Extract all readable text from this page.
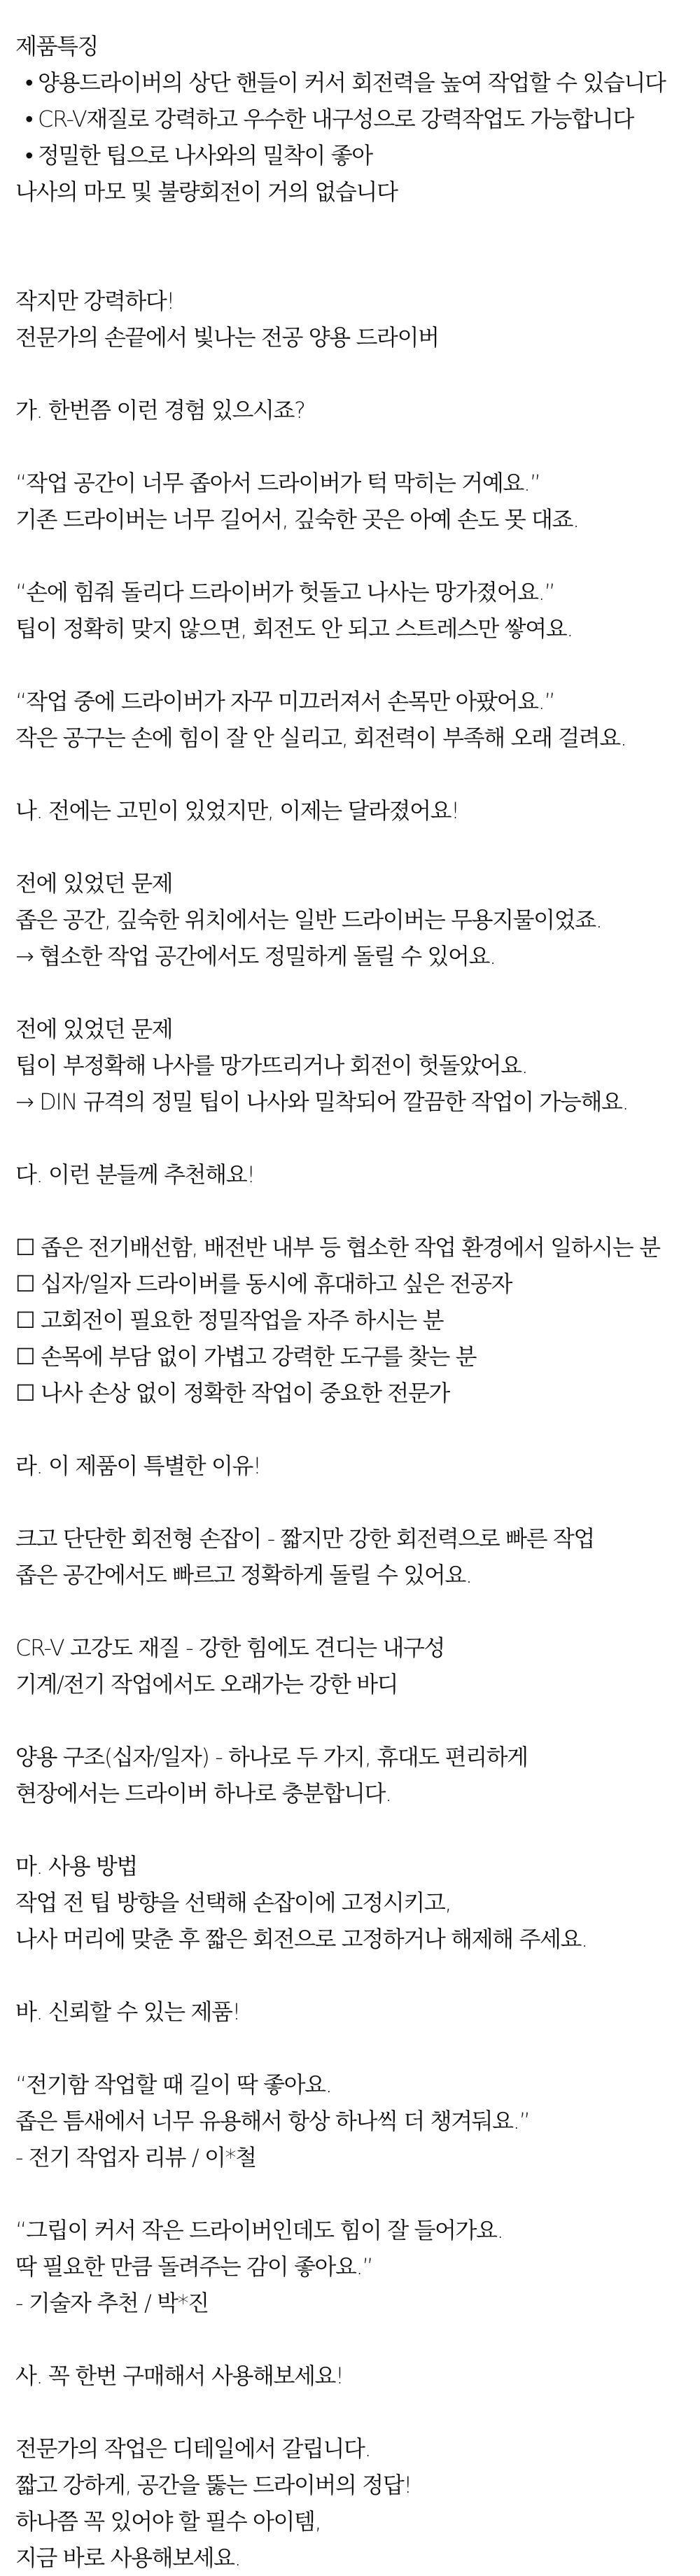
제품특징
• 양용드라이버의 상단 핸들이 커서 회전력을 높여 작업할 수 있습니다
• CR-V재질로 강력하고 우수한 내구성으로 강력작업도 가능합니다
• 정밀한 팁으로 나사와의 밀착이 좋아
나사의 마모 및 불량회전이 거의 없습니다
작지만 강력하다!
전문가의 손끝에서 빛나는 전공 양용 드라이버
가. 한번쯤 이런 경험 있으시죠?
“작업 공간이 너무 좁아서 드라이버가 턱 막히는 거예요.”
기존 드라이버는 너무 길어서, 깊숙한 곳은 아예 손도 못 대죠.
“손에 힘줘 돌리다 드라이버가 헛돌고 나사는 망가졌어요.”
팁이 정확히 맞지 않으면, 회전도 안 되고 스트레스만 쌓여요.
“작업 중에 드라이버가 자꾸 미끄러져서 손목만 아팠어요.”
작은 공구는 손에 힘이 잘 안 실리고, 회전력이 부족해 오래 걸려요.
나. 전에는 고민이 있었지만, 이제는 달라졌어요!
전에 있었던 문제
좁은 공간, 깊숙한 위치에서는 일반 드라이버는 무용지물이었죠.
→ 협소한 작업 공간에서도 정밀하게 돌릴 수 있어요.
전에 있었던 문제
팁이 부정확해 나사를 망가뜨리거나 회전이 헛돌았어요.
→ DIN 규격의 정밀 팁이 나사와 밀착되어 깔끔한 작업이 가능해요.
다. 이런 분들께 추천해요!
☐ 좁은 전기배선함, 배전반 내부 등 협소한 작업 환경에서 일하시는 분
☐ 십자/일자 드라이버를 동시에 휴대하고 싶은 전공자
☐ 고회전이 필요한 정밀작업을 자주 하시는 분
☐ 손목에 부담 없이 가볍고 강력한 도구를 찾는 분
☐ 나사 손상 없이 정확한 작업이 중요한 전문가
라. 이 제품이 특별한 이유!
크고 단단한 회전형 손잡이 - 짧지만 강한 회전력으로 빠른 작업
좁은 공간에서도 빠르고 정확하게 돌릴 수 있어요.
CR-V 고강도 재질 - 강한 힘에도 견디는 내구성
기계/전기 작업에서도 오래가는 강한 바디
양용 구조(십자/일자) - 하나로 두 가지, 휴대도 편리하게
현장에서는 드라이버 하나로 충분합니다.
마. 사용 방법
작업 전 팁 방향을 선택해 손잡이에 고정시키고,
나사 머리에 맞춘 후 짧은 회전으로 고정하거나 해제해 주세요.
바. 신뢰할 수 있는 제품!
“전기함 작업할 때 길이 딱 좋아요.
좁은 틈새에서 너무 유용해서 항상 하나씩 더 챙겨둬요.”
- 전기 작업자 리뷰 / 이*철
“그립이 커서 작은 드라이버인데도 힘이 잘 들어가요.
딱 필요한 만큼 돌려주는 감이 좋아요.”
- 기술자 추천 / 박*진
사. 꼭 한번 구매해서 사용해보세요!
전문가의 작업은 디테일에서 갈립니다.
짧고 강하게, 공간을 뚫는 드라이버의 정답!
하나쯤 꼭 있어야 할 필수 아이템,
지금 바로 사용해보세요.
